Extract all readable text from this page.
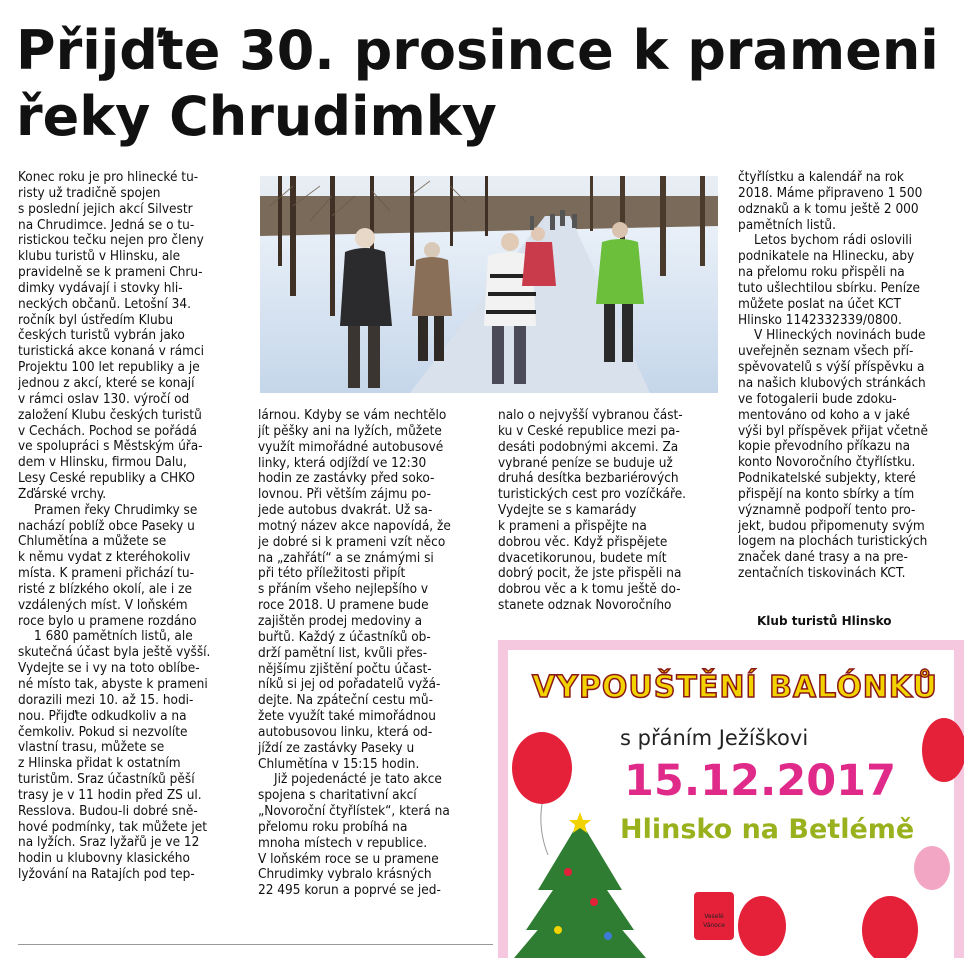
Přijďte 30. prosince k prameni
řeky Chrudimky
Konec roku je pro hlinecké tu-
risty už tradičně spojen
s poslední jejich akcí Silvestr
na Chrudimce. Jedná se o tu-
ristickou tečku nejen pro členy
klubu turistů v Hlinsku, ale
pravidelně se k prameni Chru-
dimky vydávají i stovky hli-
neckých občanů. Letošní 34.
ročník byl ústředím Klubu
českých turistů vybrán jako
turistická akce konaná v rámci
Projektu 100 let republiky a je
jednou z akcí, které se konají
v rámci oslav 130. výročí od
založení Klubu českých turistů
v Čechách. Pochod se pořádá
ve spolupráci s Městským úřa-
dem v Hlinsku, firmou Dalu,
Lesy České republiky a CHKO
Žďárské vrchy.
Pramen řeky Chrudimky se
nachází poblíž obce Paseky u
Chlumětína a můžete se
k němu vydat z kteréhokoliv
místa. K prameni přichází tu-
risté z blízkého okolí, ale i ze
vzdálených míst. V loňském
roce bylo u pramene rozdáno
1 680 pamětních listů, ale
skutečná účast byla ještě vyšší.
Vydejte se i vy na toto oblíbe-
né místo tak, abyste k prameni
dorazili mezi 10. až 15. hodi-
nou. Přijďte odkudkoliv a na
čemkoliv. Pokud si nezvolíte
vlastní trasu, můžete se
z Hlinska přidat k ostatním
turistům. Sraz účastníků pěší
trasy je v 11 hodin před ZŠ ul.
Resslova. Budou-li dobré sně-
hové podmínky, tak můžete jet
na lyžích. Sraz lyžařů je ve 12
hodin u klubovny klasického
lyžování na Ratajích pod tep-
lárnou. Kdyby se vám nechtělo
jít pěšky ani na lyžích, můžete
využít mimořádné autobusové
linky, která odjíždí ve 12:30
hodin ze zastávky před soko-
lovnou. Při větším zájmu po-
jede autobus dvakrát. Už sa-
motný název akce napovídá, že
je dobré si k prameni vzít něco
na „zahřátí“ a se známými si
při této příležitosti připít
s přáním všeho nejlepšího v
roce 2018. U pramene bude
zajištěn prodej medoviny a
buřtů. Každý z účastníků ob-
drží pamětní list, kvůli přes-
nějšímu zjištění počtu účast-
níků si jej od pořadatelů vyžá-
dejte. Na zpáteční cestu mů-
žete využít také mimořádnou
autobusovou linku, která od-
jíždí ze zastávky Paseky u
Chlumětína v 15:15 hodin.
Již pojedenácté je tato akce
spojena s charitativní akcí
„Novoroční čtyřlístek“, která na
přelomu roku probíhá na
mnoha místech v republice.
V loňském roce se u pramene
Chrudimky vybralo krásných
22 495 korun a poprvé se jed-
nalo o nejvyšší vybranou část-
ku v České republice mezi pa-
desáti podobnými akcemi. Za
vybrané peníze se buduje už
druhá desítka bezbariérových
turistických cest pro vozíčkáře.
Vydejte se s kamarády
k prameni a přispějte na
dobrou věc. Když přispějete
dvacetikorunou, budete mít
dobrý pocit, že jste přispěli na
dobrou věc a k tomu ještě do-
stanete odznak Novoročního
čtyřlístku a kalendář na rok
2018. Máme připraveno 1 500
odznaků a k tomu ještě 2 000
pamětních listů.
Letos bychom rádi oslovili
podnikatele na Hlinecku, aby
na přelomu roku přispěli na
tuto ušlechtilou sbírku. Peníze
můžete poslat na účet KČT
Hlinsko 1142332339/0800.
V Hlineckých novinách bude
uveřejněn seznam všech pří-
spěvovatelů s výší příspěvku a
na našich klubových stránkách
ve fotogalerii bude zdoku-
mentováno od koho a v jaké
výši byl příspěvek přijat včetně
kopie převodního příkazu na
konto Novoročního čtyřlístku.
Podnikatelské subjekty, které
přispějí na konto sbírky a tím
významně podpoří tento pro-
jekt, budou připomenuty svým
logem na plochách turistických
značek dané trasy a na pre-
zentačních tiskovinách KČT.
Klub turistů Hlinsko
Veselé
Vánoce
VYPOUŠTĚNÍ BALÓNKŮ
s přáním Ježíškovi
15.12.2017
Hlinsko na Betlémě
